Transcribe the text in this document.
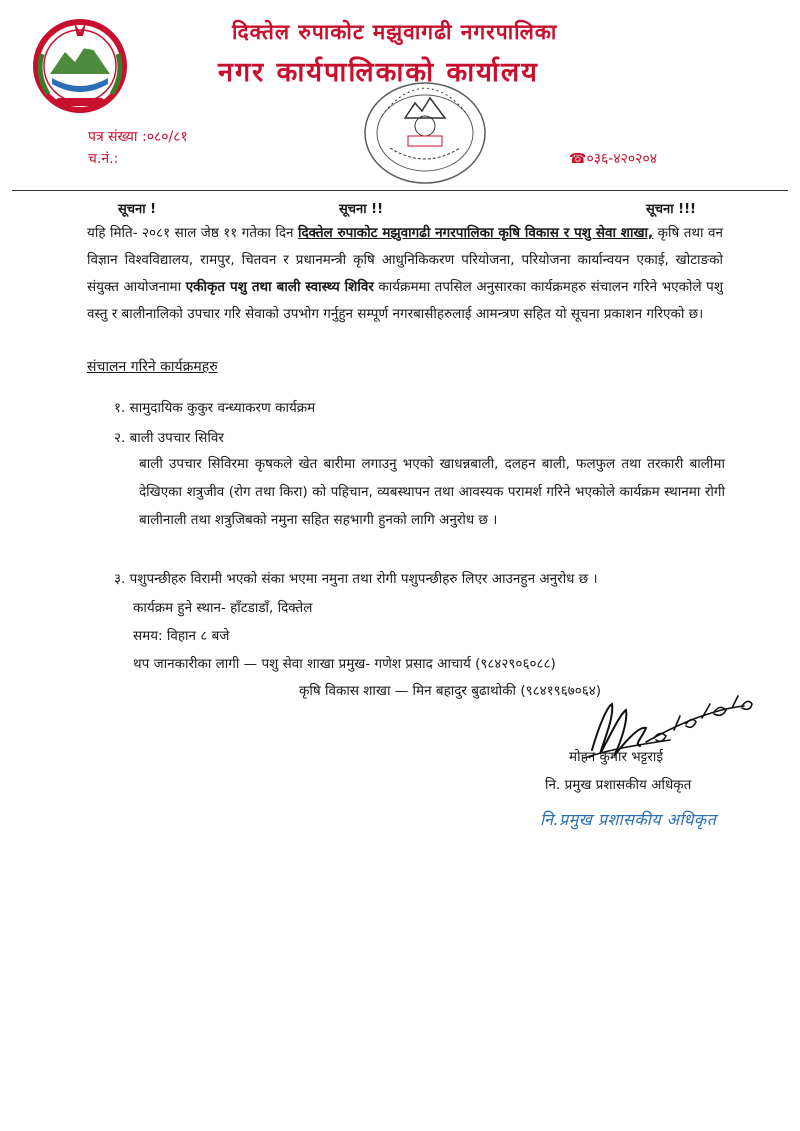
दिक्तेल रुपाकोट मझुवागढी नगरपालिका
नगर कार्यपालिकाको कार्यालय
पत्र संख्या :०८०/८१
च.नं.:	☎०३६-४२०२०४
सूचना !	सूचना !!	सूचना !!!
यहि मिति- २०८१ साल जेष्ठ ११ गतेका दिन दिक्तेल रुपाकोट मझुवागढी नगरपालिका कृषि विकास र पशु सेवा शाखा, कृषि तथा वन विज्ञान विश्वविद्यालय, रामपुर, चितवन र प्रधानमन्त्री कृषि आधुनिकिकरण परियोजना, परियोजना कार्यान्वयन एकाई, खोटाङको संयुक्त आयोजनामा एकीकृत पशु तथा बाली स्वास्थ्य शिविर कार्यक्रममा तपसिल अनुसारका कार्यक्रमहरु संचालन गरिने भएकोले पशु वस्तु र बालीनालिको उपचार गरि सेवाको उपभोग गर्नुहुन सम्पूर्ण नगरबासीहरुलाई आमन्त्रण सहित यो सूचना प्रकाशन गरिएको छ।
संचालन गरिने कार्यक्रमहरु
१. सामुदायिक कुकुर वन्ध्याकरण कार्यक्रम
२. बाली उपचार सिविर
बाली उपचार सिविरमा कृषकले खेत बारीमा लगाउनु भएको खाधन्नबाली, दलहन बाली, फलफुल तथा तरकारी बालीमा देखिएका शत्रुजीव (रोग तथा किरा) को पहिचान, व्यबस्थापन तथा आवस्यक परामर्श गरिने भएकोले कार्यक्रम स्थानमा रोगी बालीनाली तथा शत्रुजिबको नमुना सहित सहभागी हुनको लागि अनुरोध छ ।
३. पशुपन्छीहरु विरामी भएको संका भएमा नमुना तथा रोगी पशुपन्छीहरु लिएर आउनहुन अनुरोध छ ।
कार्यक्रम हुने स्थान- हाँटडाडाँ, दिक्तेल
समय: विहान ८ बजे
थप जानकारीका लागी — पशु सेवा शाखा प्रमुख- गणेश प्रसाद आचार्य (९८४२९०६०८८)
कृषि विकास शाखा — मिन बहादुर बुढाथोकी (९८४१९६७०६४)
मोहन कुमार भट्टराई
नि. प्रमुख प्रशासकीय अधिकृत
नि.प्रमुख प्रशासकीय अधिकृत
